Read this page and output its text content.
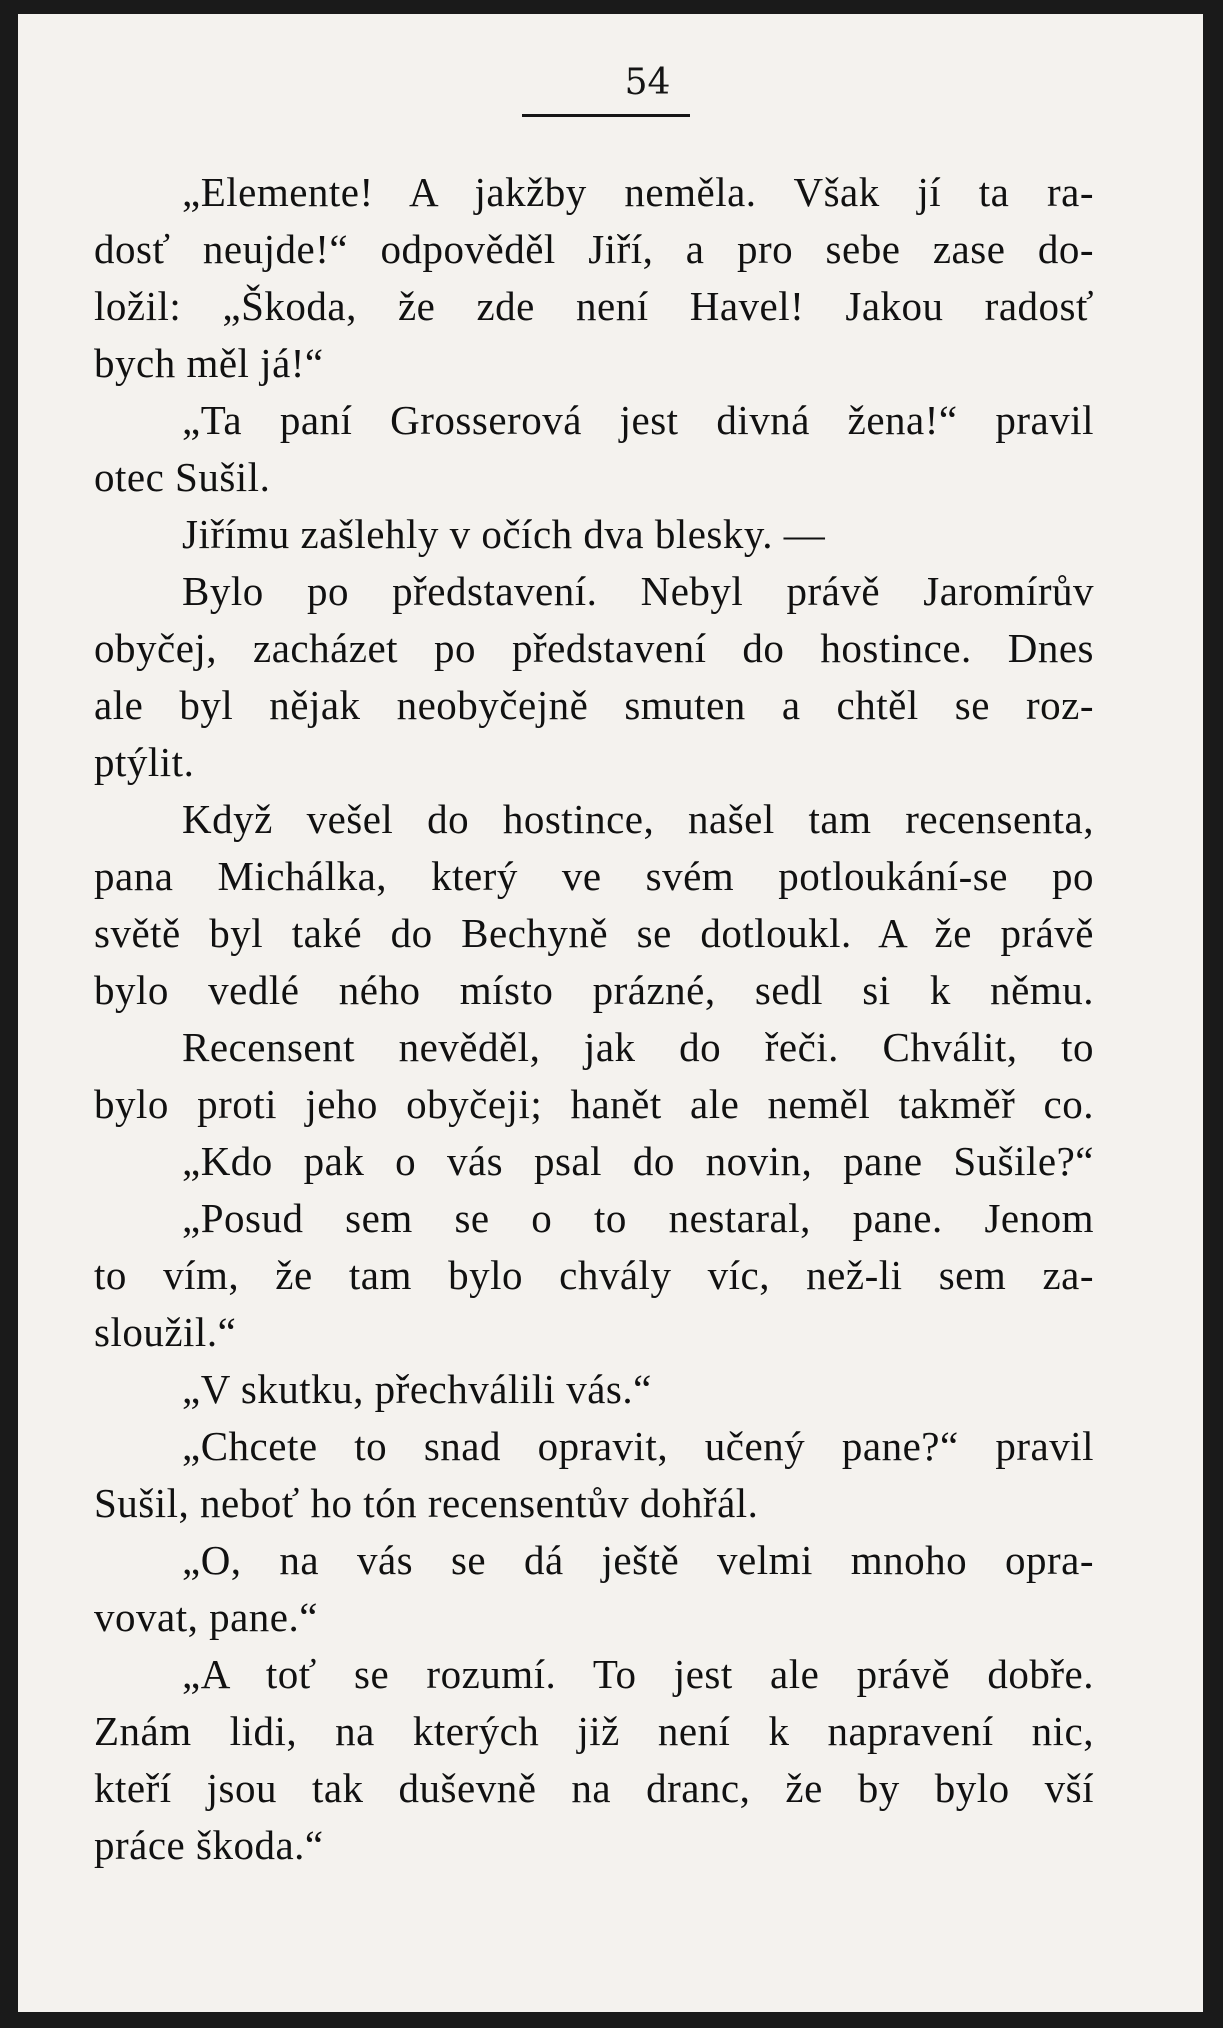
54
„Elemente! A jakžby neměla. Však jí ta ra-
dosť neujde!“ odpověděl Jiří, a pro sebe zase do-
ložil: „Škoda, že zde není Havel! Jakou radosť
bych měl já!“
„Ta paní Grosserová jest divná žena!“ pravil
otec Sušil.
Jiřímu zašlehly v očích dva blesky. —
Bylo po představení. Nebyl právě Jaromírův
obyčej, zacházet po představení do hostince. Dnes
ale byl nějak neobyčejně smuten a chtěl se roz-
ptýlit.
Když vešel do hostince, našel tam recensenta,
pana Michálka, který ve svém potloukání-se po
světě byl také do Bechyně se dotloukl. A že právě
bylo vedlé ného místo prázné, sedl si k němu.
Recensent nevěděl, jak do řeči. Chválit, to
bylo proti jeho obyčeji; hanět ale neměl takměř co.
„Kdo pak o vás psal do novin, pane Sušile?“
„Posud sem se o to nestaral, pane. Jenom
to vím, že tam bylo chvály víc, než-li sem za-
sloužil.“
„V skutku, přechválili vás.“
„Chcete to snad opravit, učený pane?“ pravil
Sušil, neboť ho tón recensentův dohřál.
„O, na vás se dá ještě velmi mnoho opra-
vovat, pane.“
„A toť se rozumí. To jest ale právě dobře.
Znám lidi, na kterých již není k napravení nic,
kteří jsou tak duševně na dranc, že by bylo vší
práce škoda.“
